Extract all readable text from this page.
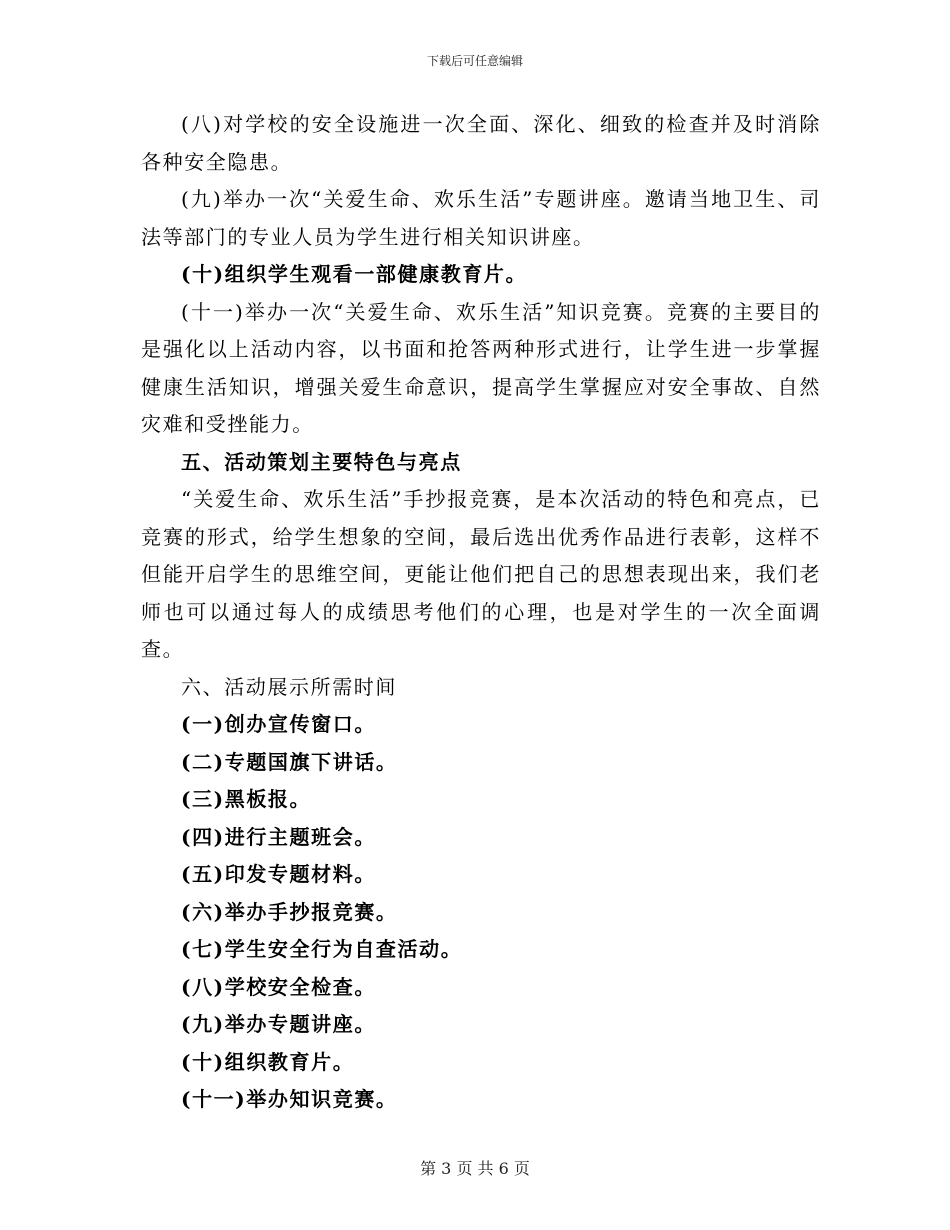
下载后可任意编辑

(八)对学校的安全设施进一次全面、深化、细致的检查并及时消除各种安全隐患。

(九)举办一次“关爱生命、欢乐生活”专题讲座。邀请当地卫生、司法等部门的专业人员为学生进行相关知识讲座。

(十)组织学生观看一部健康教育片。

(十一)举办一次“关爱生命、欢乐生活”知识竞赛。竞赛的主要目的是强化以上活动内容，以书面和抢答两种形式进行，让学生进一步掌握健康生活知识，增强关爱生命意识，提高学生掌握应对安全事故、自然灾难和受挫能力。

五、活动策划主要特色与亮点

“关爱生命、欢乐生活”手抄报竞赛，是本次活动的特色和亮点，已竞赛的形式，给学生想象的空间，最后选出优秀作品进行表彰，这样不但能开启学生的思维空间，更能让他们把自己的思想表现出来，我们老师也可以通过每人的成绩思考他们的心理，也是对学生的一次全面调查。

六、活动展示所需时间

(一)创办宣传窗口。

(二)专题国旗下讲话。

(三)黑板报。

(四)进行主题班会。

(五)印发专题材料。

(六)举办手抄报竞赛。

(七)学生安全行为自查活动。

(八)学校安全检查。

(九)举办专题讲座。

(十)组织教育片。

(十一)举办知识竞赛。

第 3 页 共 6 页
